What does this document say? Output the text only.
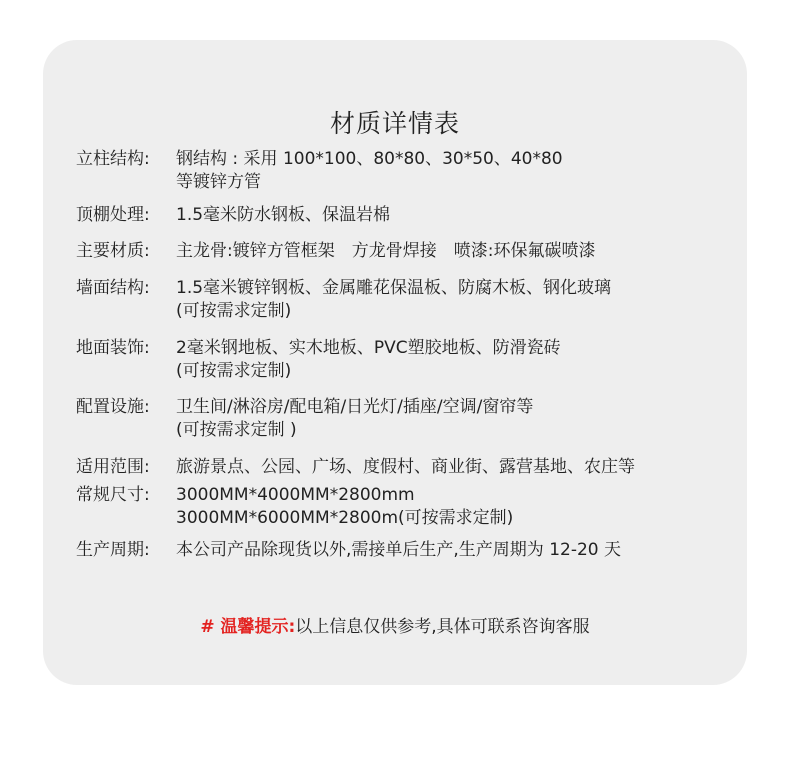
材质详情表
立柱结构:	钢结构 : 采用 100*100、80*80、30*50、40*80
等镀锌方管
顶棚处理:	1.5毫米防水钢板、保温岩棉
主要材质:	主龙骨:镀锌方管框架　方龙骨焊接　喷漆:环保氟碳喷漆
墙面结构:	1.5毫米镀锌钢板、金属雕花保温板、防腐木板、钢化玻璃
(可按需求定制)
地面装饰:	2毫米钢地板、实木地板、PVC塑胶地板、防滑瓷砖
(可按需求定制)
配置设施:	卫生间/淋浴房/配电箱/日光灯/插座/空调/窗帘等
(可按需求定制 )
适用范围:	旅游景点、公园、广场、度假村、商业街、露营基地、农庄等
常规尺寸:	3000MM*4000MM*2800mm
3000MM*6000MM*2800m(可按需求定制)
生产周期:	本公司产品除现货以外,需接单后生产,生产周期为 12-20 天
# 温馨提示:以上信息仅供参考,具体可联系咨询客服
